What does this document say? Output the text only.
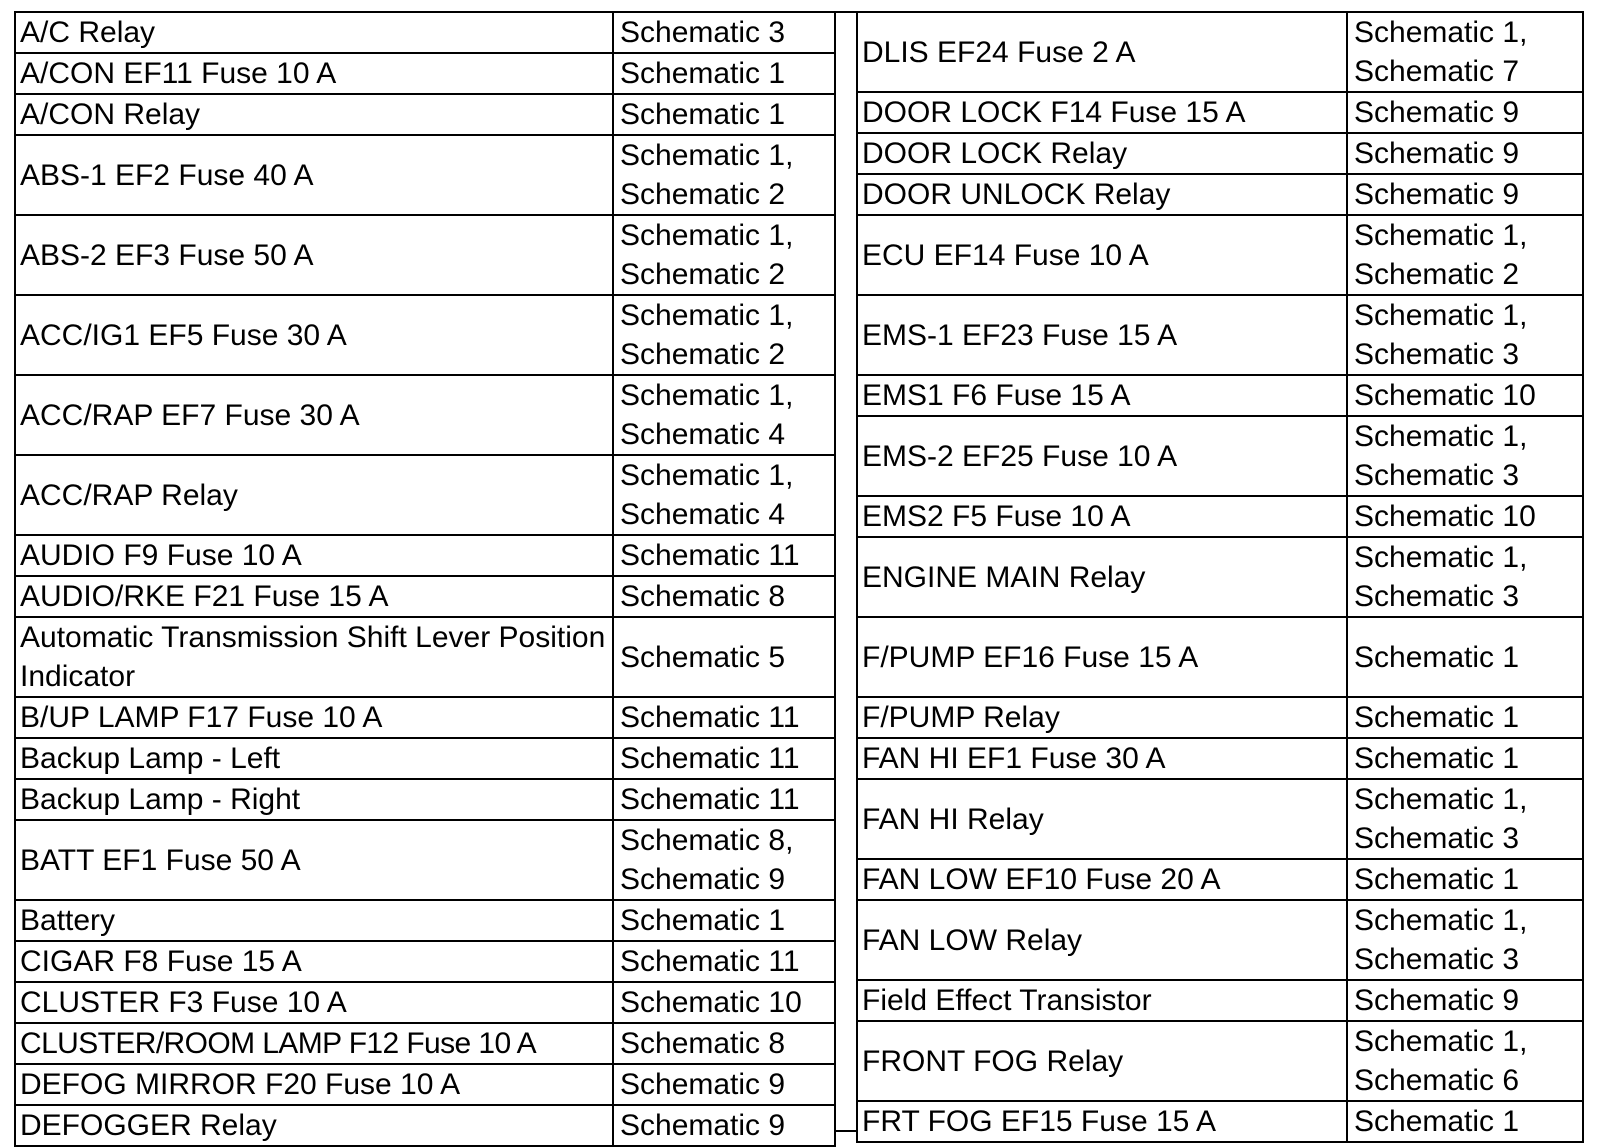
A/C Relay	Schematic 3
A/CON EF11 Fuse 10 A	Schematic 1
A/CON Relay	Schematic 1
ABS-1 EF2 Fuse 40 A	Schematic 1, Schematic 2
ABS-2 EF3 Fuse 50 A	Schematic 1, Schematic 2
ACC/IG1 EF5 Fuse 30 A	Schematic 1, Schematic 2
ACC/RAP EF7 Fuse 30 A	Schematic 1, Schematic 4
ACC/RAP Relay	Schematic 1, Schematic 4
AUDIO F9 Fuse 10 A	Schematic 11
AUDIO/RKE F21 Fuse 15 A	Schematic 8
Automatic Transmission Shift Lever Position Indicator	Schematic 5
B/UP LAMP F17 Fuse 10 A	Schematic 11
Backup Lamp - Left	Schematic 11
Backup Lamp - Right	Schematic 11
BATT EF1 Fuse 50 A	Schematic 8, Schematic 9
Battery	Schematic 1
CIGAR F8 Fuse 15 A	Schematic 11
CLUSTER F3 Fuse 10 A	Schematic 10
CLUSTER/ROOM LAMP F12 Fuse 10 A	Schematic 8
DEFOG MIRROR F20 Fuse 10 A	Schematic 9
DEFOGGER Relay	Schematic 9
DLIS EF24 Fuse 2 A	Schematic 1, Schematic 7
DOOR LOCK F14 Fuse 15 A	Schematic 9
DOOR LOCK Relay	Schematic 9
DOOR UNLOCK Relay	Schematic 9
ECU EF14 Fuse 10 A	Schematic 1, Schematic 2
EMS-1 EF23 Fuse 15 A	Schematic 1, Schematic 3
EMS1 F6 Fuse 15 A	Schematic 10
EMS-2 EF25 Fuse 10 A	Schematic 1, Schematic 3
EMS2 F5 Fuse 10 A	Schematic 10
ENGINE MAIN Relay	Schematic 1, Schematic 3
F/PUMP EF16 Fuse 15 A	Schematic 1
F/PUMP Relay	Schematic 1
FAN HI EF1 Fuse 30 A	Schematic 1
FAN HI Relay	Schematic 1, Schematic 3
FAN LOW EF10 Fuse 20 A	Schematic 1
FAN LOW Relay	Schematic 1, Schematic 3
Field Effect Transistor	Schematic 9
FRONT FOG Relay	Schematic 1, Schematic 6
FRT FOG EF15 Fuse 15 A	Schematic 1
